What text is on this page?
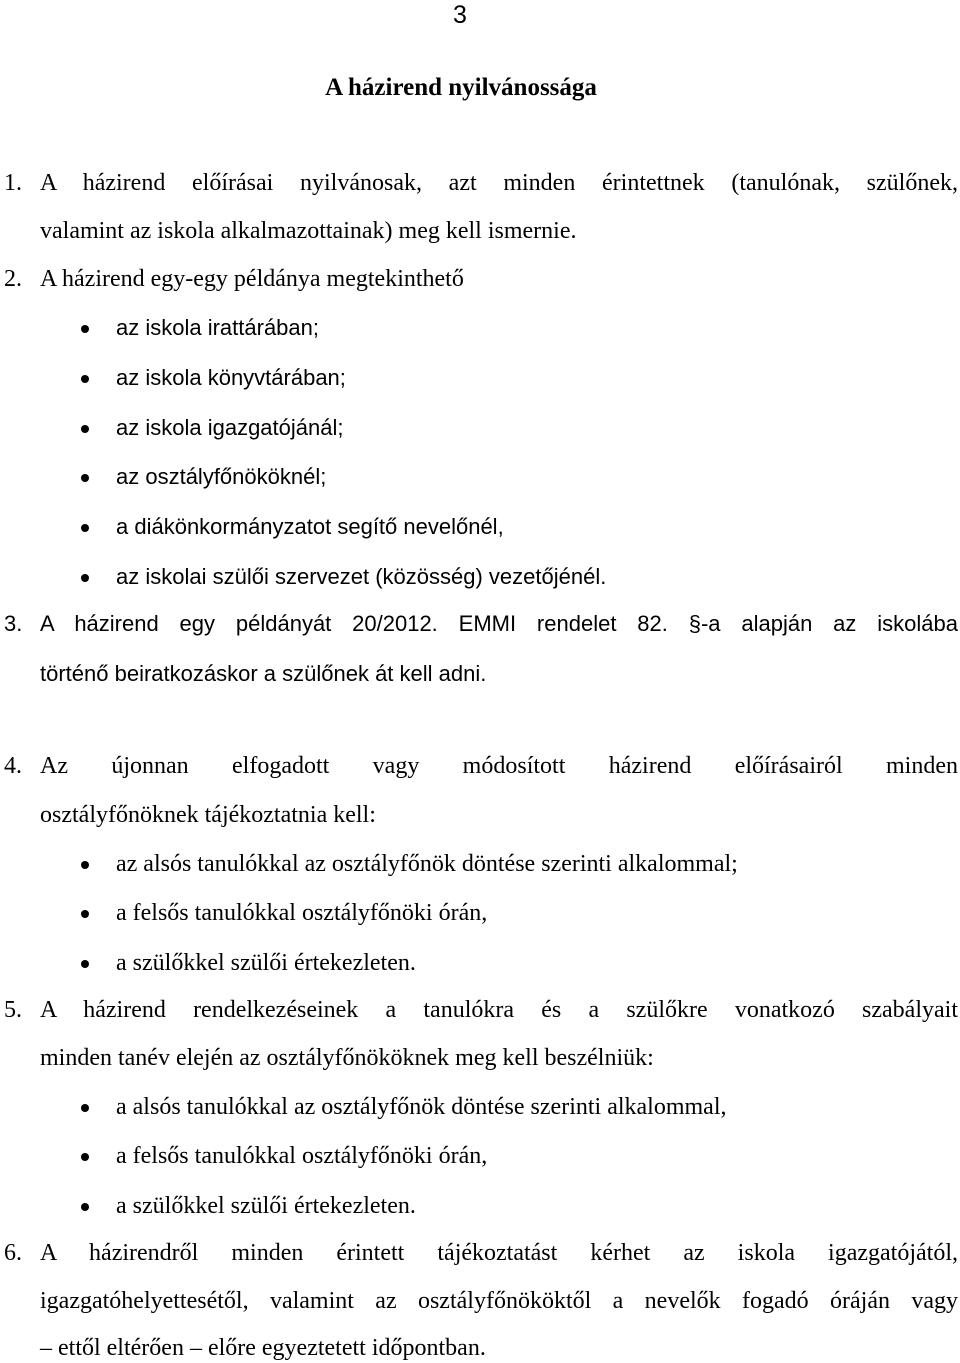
3
A házirend nyilvánossága
1. A házirend előírásai nyilvánosak, azt minden érintettnek (tanulónak, szülőnek,
valamint az iskola alkalmazottainak) meg kell ismernie.
2. A házirend egy-egy példánya megtekinthető
az iskola irattárában;
az iskola könyvtárában;
az iskola igazgatójánál;
az osztályfőnököknél;
a diákönkormányzatot segítő nevelőnél,
az iskolai szülői szervezet (közösség) vezetőjénél.
3. A házirend egy példányát 20/2012. EMMI rendelet 82. §-a alapján az iskolába
történő beiratkozáskor a szülőnek át kell adni.
4. Az újonnan elfogadott vagy módosított házirend előírásairól minden
osztályfőnöknek tájékoztatnia kell:
az alsós tanulókkal az osztályfőnök döntése szerinti alkalommal;
a felsős tanulókkal osztályfőnöki órán,
a szülőkkel szülői értekezleten.
5. A házirend rendelkezéseinek a tanulókra és a szülőkre vonatkozó szabályait
minden tanév elején az osztályfőnököknek meg kell beszélniük:
a alsós tanulókkal az osztályfőnök döntése szerinti alkalommal,
a felsős tanulókkal osztályfőnöki órán,
a szülőkkel szülői értekezleten.
6. A házirendről minden érintett tájékoztatást kérhet az iskola igazgatójától,
igazgatóhelyettesétől, valamint az osztályfőnököktől a nevelők fogadó óráján vagy
– ettől eltérően – előre egyeztetett időpontban.
